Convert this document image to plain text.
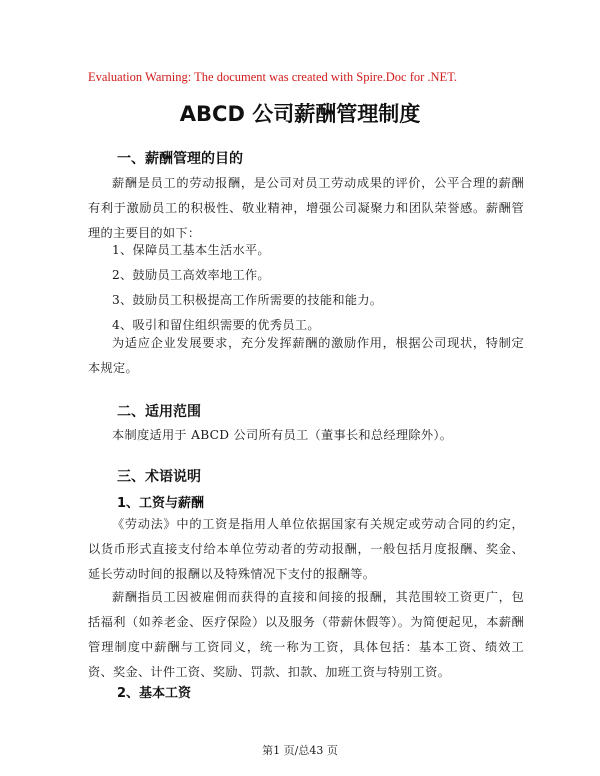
Evaluation Warning: The document was created with Spire.Doc for .NET.
ABCD 公司薪酬管理制度
一、薪酬管理的目的
薪酬是员工的劳动报酬，是公司对员工劳动成果的评价，公平合理的薪酬有利于激励员工的积极性、敬业精神，增强公司凝聚力和团队荣誉感。薪酬管理的主要目的如下：
1、保障员工基本生活水平。
2、鼓励员工高效率地工作。
3、鼓励员工积极提高工作所需要的技能和能力。
4、吸引和留住组织需要的优秀员工。
为适应企业发展要求，充分发挥薪酬的激励作用，根据公司现状，特制定本规定。
二、适用范围
本制度适用于 ABCD 公司所有员工（董事长和总经理除外）。
三、术语说明
1、工资与薪酬
《劳动法》中的工资是指用人单位依据国家有关规定或劳动合同的约定，以货币形式直接支付给本单位劳动者的劳动报酬，一般包括月度报酬、奖金、延长劳动时间的报酬以及特殊情况下支付的报酬等。
薪酬指员工因被雇佣而获得的直接和间接的报酬，其范围较工资更广，包括福利（如养老金、医疗保险）以及服务（带薪休假等）。为简便起见，本薪酬管理制度中薪酬与工资同义，统一称为工资，具体包括：基本工资、绩效工资、奖金、计件工资、奖励、罚款、扣款、加班工资与特别工资。
2、基本工资
第1 页/总43 页
